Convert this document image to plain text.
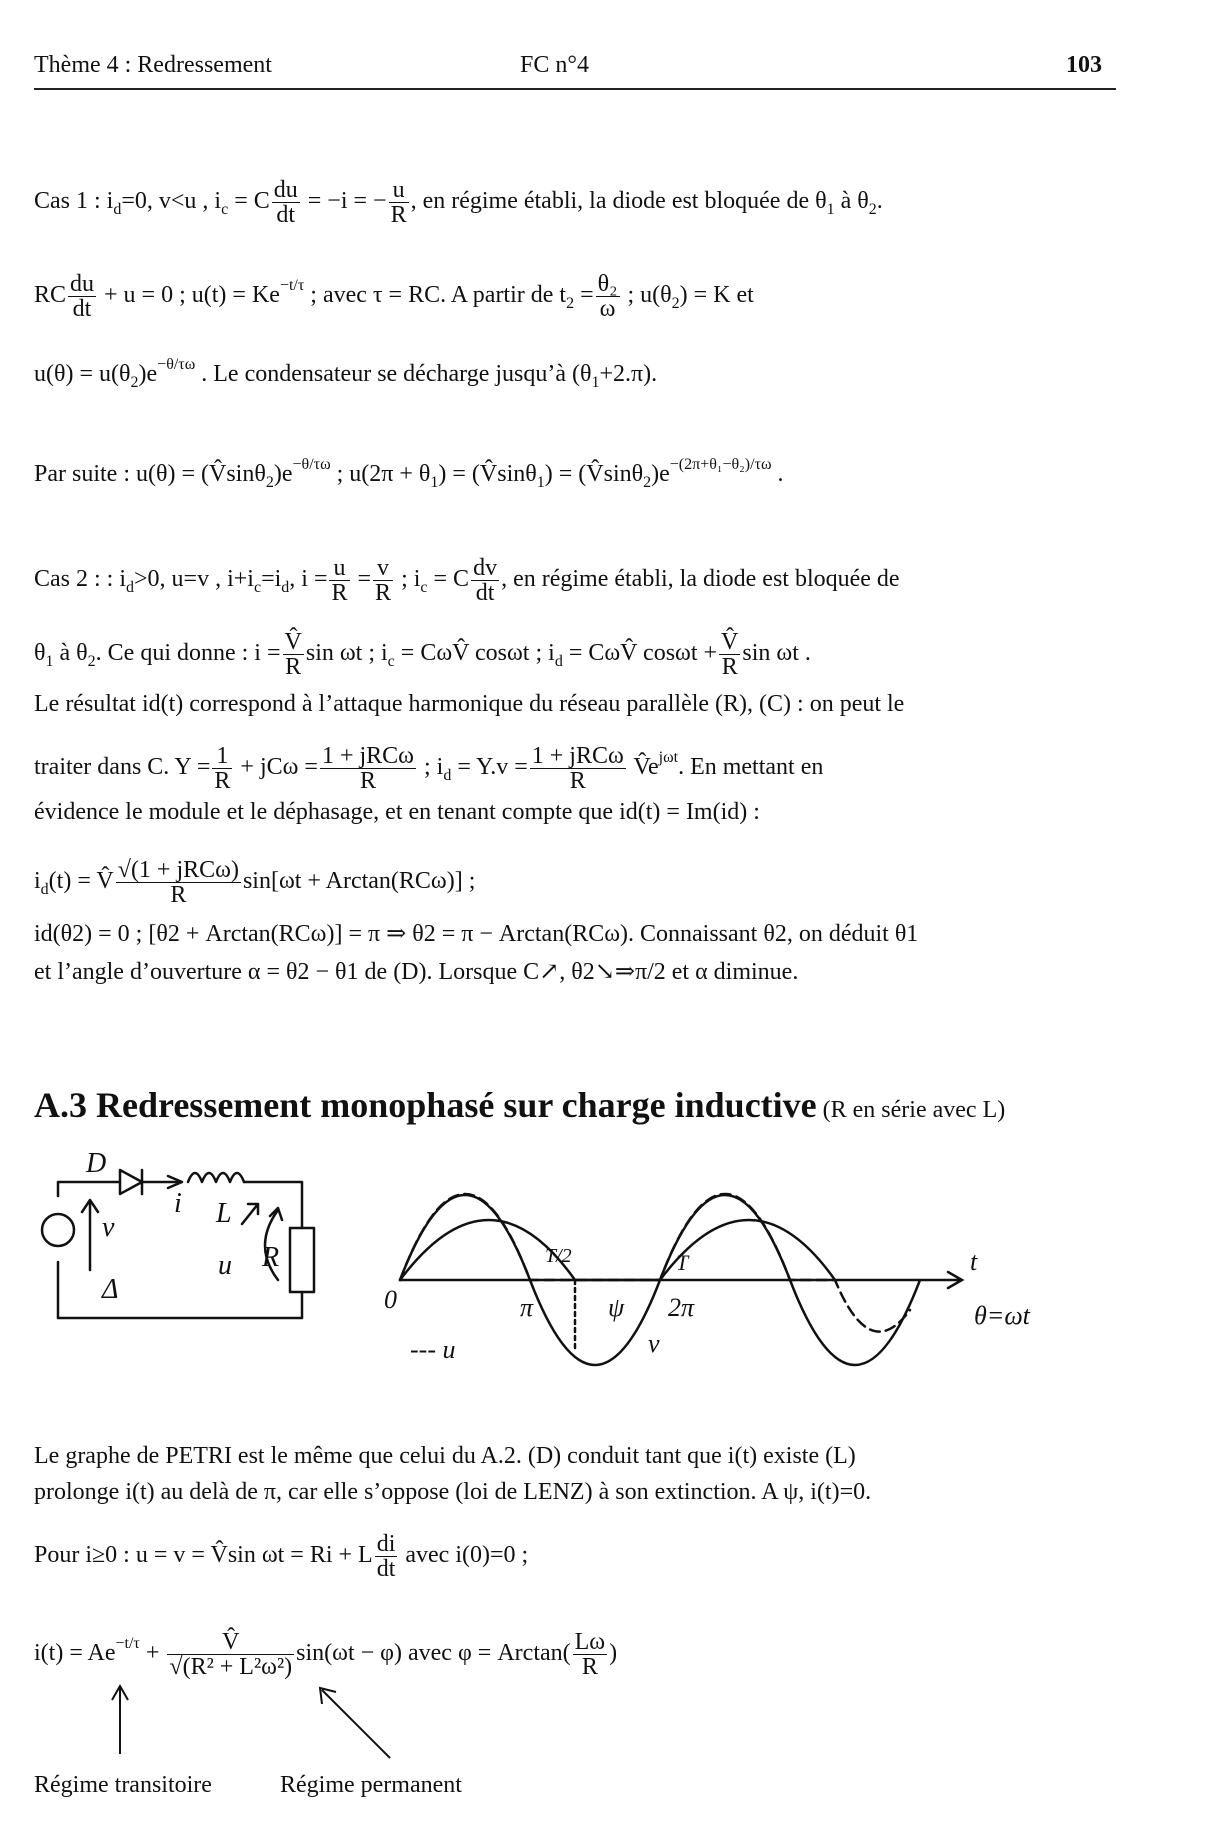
Thème 4 : Redressement	FC n°4	103
Cas 1 : $i_d=0$, v<u , $i_c = C \frac{du}{dt} = -i$ = − $\frac{u}{R}$ , en régime établi, la diode est bloquée de $\theta_1$ à $\theta_2$.
RC $\frac{du}{dt} + u = 0$ ; $u(t) = Ke^{-t/\tau}$ ; avec τ = RC. A partir de $t_2 = \frac{\text{θ₂}}{\omega}$ ; $u(\theta_2) = K$ et
$u(\theta) = u(\theta_2)e^{-\theta/\tau\omega}$ . Le condensateur se décharge jusqu’à $(\theta_1+2.\pi)$.
Par suite : $u(\theta) = (V̂\sin\theta_2)e^{-\theta/\tau\omega}$ ; $u(2\pi + \theta_1)$ = (V̂sinθ$_1$) = $(V̂\sin\theta_2)e^{-(2\pi+\theta_1-\theta_2)/\tau\omega}$ .
Cas 2 : : $i_d>0$, u=v , $i+i_c=i_d$, $i = \frac{u}{R} = \frac{v}{R}$ ; $i_c = C \frac{dv}{dt}$ , en régime établi, la diode est bloquée de
$\theta_1$ à $\theta_2$. Ce qui donne : $i = \frac{V̂}{R}$ sin ωt ; $i_c$ = CωV̂ cosωt ; $i_d$ = CωV̂ $\cos\omega t + \frac{V̂}{R}$ sin ωt .
Le résultat id(t) correspond à l’attaque harmonique du réseau parallèle (R), (C) : on peut le
traiter dans C. $Y = \frac{1}{R} + jC\omega = \frac{\text{1 + jRCω}}{R}$ ; $i_d = Y.v = \frac{\text{1 + jRCω}}{R}$ $V̂e^{j\omega t}$. En mettant en
évidence le module et le déphasage, et en tenant compte que id(t) = Im(id) :
$i_d(t)$ = V̂ $\frac{\text{√(1 + jRCω)}}{R} \sin[\omega t + Arctan(RC\omega)]$ ;
id(θ2) = 0 ; [θ2 + Arctan(RCω)] = π ⇒ θ2 = π − Arctan(RCω). Connaissant θ2, on déduit θ1
et l’angle d’ouverture α = θ2 − θ1 de (D). Lorsque C↗, θ2↘⇒π/2 et α diminue.
A.3 Redressement monophasé sur charge inductive (R en série avec L)
D
i L
u R
v
Δ	0
T/2
π	ψ
T
2π
v
t
θ=ωt
--- u
Le graphe de PETRI est le même que celui du A.2. (D) conduit tant que i(t) existe (L)
prolonge i(t) au delà de π, car elle s’oppose (loi de LENZ) à son extinction. A ψ, i(t)=0.
Pour i≥0 : u = v = V̂sin ωt = Ri + L $\frac{di}{dt}$ avec i(0)=0 ;
$i(t) = Ae^{-t/\tau} + \frac{V̂}{\text{√(R² + L²ω²)}} \sin(\omega t - \varphi)$ avec $\varphi = Arctan( \frac{L\omega}{R}$ )
Régime transitoire	Régime permanent
